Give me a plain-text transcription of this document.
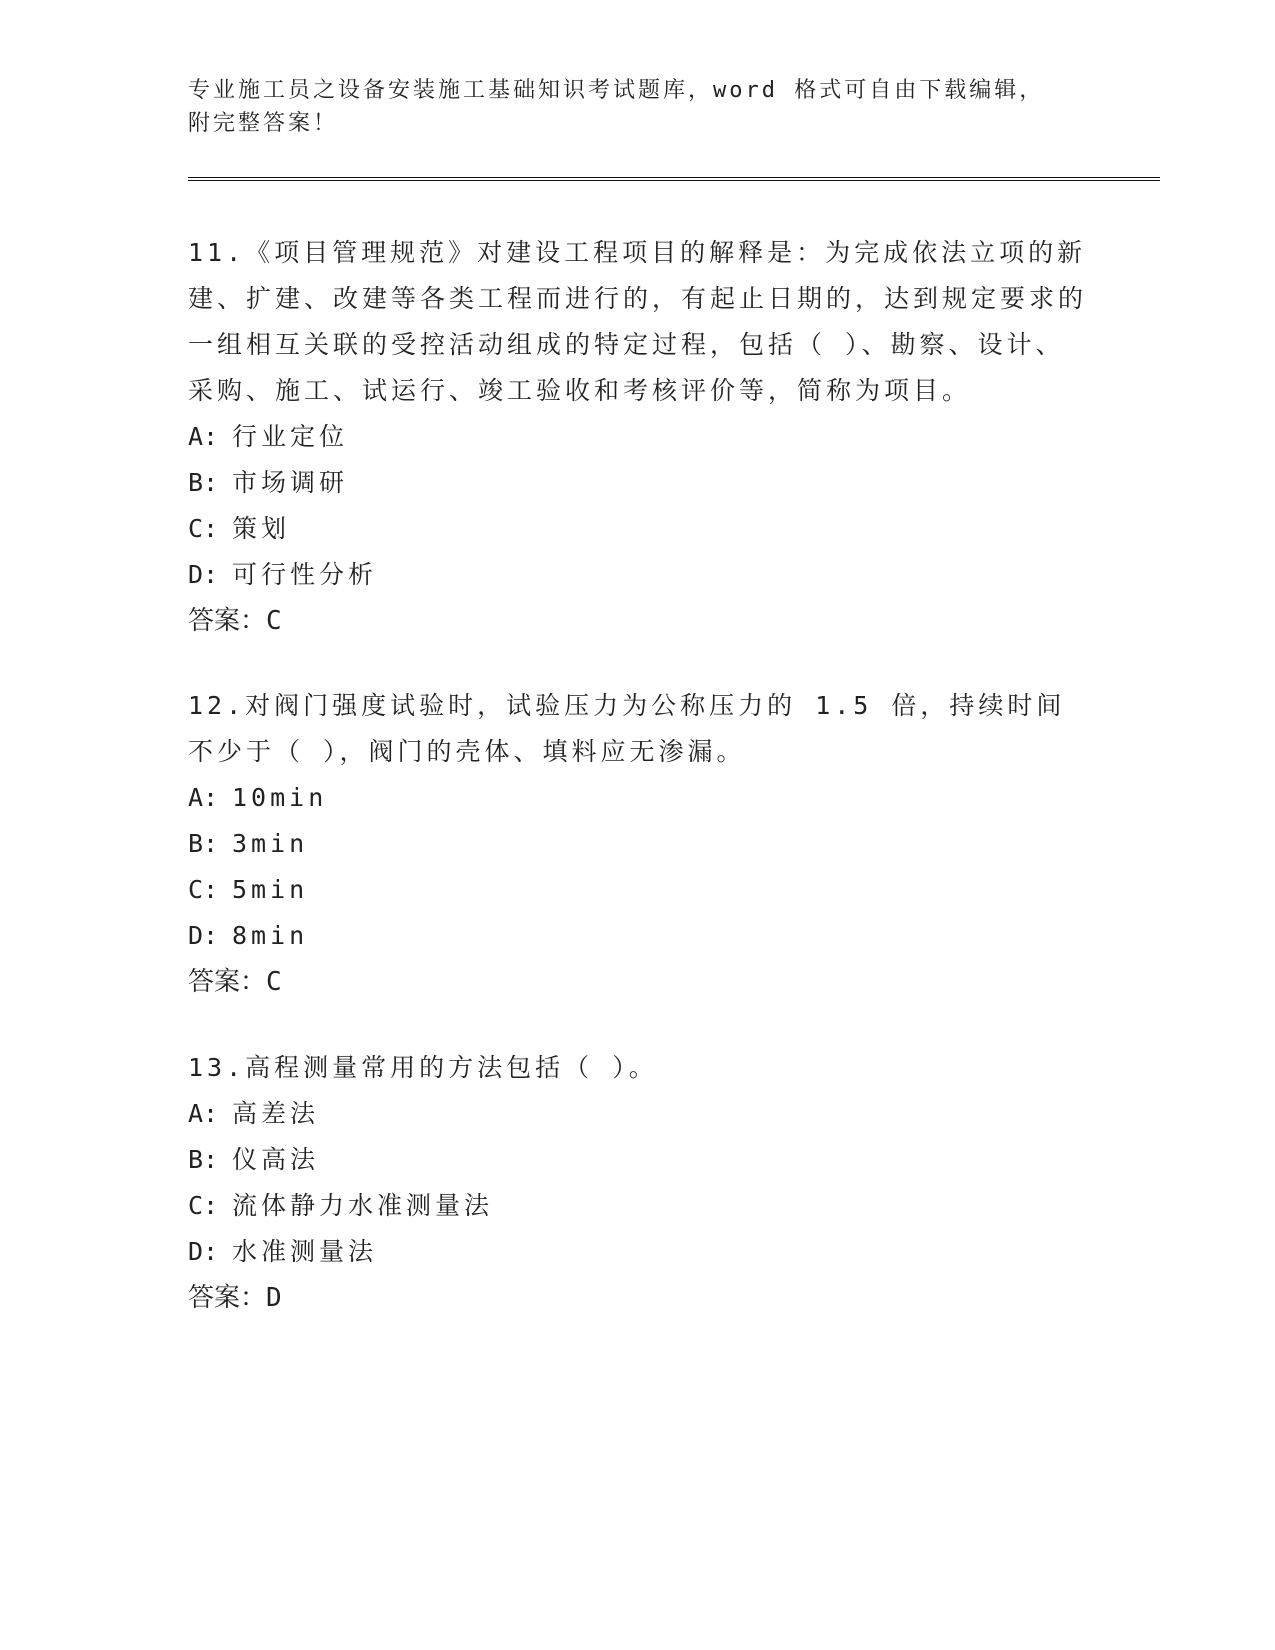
专业施工员之设备安装施工基础知识考试题库，word 格式可自由下载编辑，附完整答案！
11.《项目管理规范》对建设工程项目的解释是：为完成依法立项的新建、扩建、改建等各类工程而进行的，有起止日期的，达到规定要求的一组相互关联的受控活动组成的特定过程，包括（ ）、勘察、设计、采购、施工、试运行、竣工验收和考核评价等，简称为项目。
A: 行业定位
B: 市场调研
C: 策划
D: 可行性分析
答案：C
12.对阀门强度试验时，试验压力为公称压力的 1.5 倍，持续时间不少于（ ），阀门的壳体、填料应无渗漏。
A: 10min
B: 3min
C: 5min
D: 8min
答案：C
13.高程测量常用的方法包括（ ）。
A: 高差法
B: 仪高法
C: 流体静力水准测量法
D: 水准测量法
答案：D
